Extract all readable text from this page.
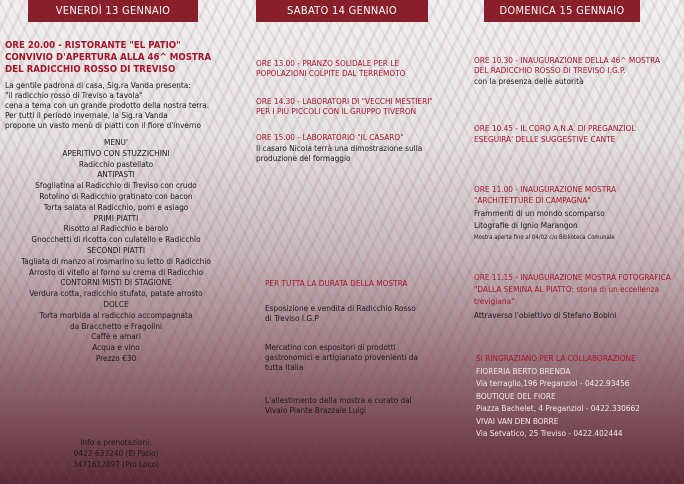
VENERDÌ 13 GENNAIO
ORE 20.00 - RISTORANTE "EL PATIO"
CONVIVIO D'APERTURA ALLA 46^ MOSTRA
DEL RADICCHIO ROSSO DI TREVISO
La gentile padrona di casa, Sig.ra Vanda presenta:
"il radicchio rosso di Treviso a tavola"
cena a tema con un grande prodotto della nostra terra.
Per tutti il periodo invernale, la Sig.ra Vanda
propone un vasto menù di piatti con il fiore d'inverno
MENU'
APERITIVO CON STUZZICHINI
Radicchio pastellato
ANTIPASTI
Sfogliatina al Radicchio di Treviso con crudo
Rotolino di Radicchio gratinato con bacon
Torta salata al Radicchio, porri e asiago
PRIMI PIATTI
Risotto al Radicchio e barolo
Gnocchetti di ricotta con culatello e Radicchio
SECONDI PIATTI
Tagliata di manzo al rosmarino su letto di Radicchio
Arrosto di vitello al forno su crema di Radicchio
CONTORNI MISTI DI STAGIONE
Verdura cotta, radicchio stufato, patate arrosto
DOLCE
Torta morbida al radicchio accompagnata
da Bracchetto e Fragolini
Caffè e amari
Acqua e vino
Prezzo €30
Info e prenotazioni:
0422-633240 (El Patio)
3471612897 (Pro Loco)
SABATO 14 GENNAIO
ORE 13.00 - PRANZO SOLIDALE PER LE
POPOLAZIONI COLPITE DAL TERREMOTO
ORE 14.30 - LABORATORI DI "VECCHI MESTIERI"
PER I PIÙ PICCOLI CON IL GRUPPO TIVERON
ORE 15.00 - LABORATORIO "IL CASARO"
Il casaro Nicola terrà una dimostrazione sulla
produzione del formaggio
PER TUTTA LA DURATA DELLA MOSTRA
Esposizione e vendita di Radicchio Rosso
di Treviso I.G.P
Mercatino con espositori di prodotti
gastronomici e artigianato provenienti da
tutta Italia
L'allestimento della mostra e curato dal
Vivaio Piante Brazzale Luigi
DOMENICA 15 GENNAIO
ORE 10.30 - INAUGURAZIONE DELLA 46^ MOSTRA
DEL RADICCHIO ROSSO DI TREVISO I.G.P.
con la presenza delle autorità
ORE 10.45 - IL CORO A.N.A. DI PREGANZIOL
ESEGUIRA' DELLE SUGGESTIVE CANTE
ORE 11.00 - INAUGURAZIONE MOSTRA
"ARCHITETTURE DI CAMPAGNA"
Frammenti di un mondo scomparso
Litografie di Ignio Marangon
Mostra aperta fino al 04/02 c/o Biblioteca Comunale
ORE 11.15 - INAUGURAZIONE MOSTRA FOTOGRAFICA
"DALLA SEMINA AL PIATTO: storia di un eccellenza
trevigiana"
Attraverso l'obiettivo di Stefano Bobini
SI RINGRAZIANO PER LA COLLABORAZIONE
FIORERIA BERTO BRENDA
Via terraglio,196 Preganziol - 0422.93456
BOUTIQUE DEL FIORE
Piazza Bachelet, 4 Preganziol - 0422.330662
VIVAI VAN DEN BORRE
Via Setvatico, 25 Treviso - 0422.402444
